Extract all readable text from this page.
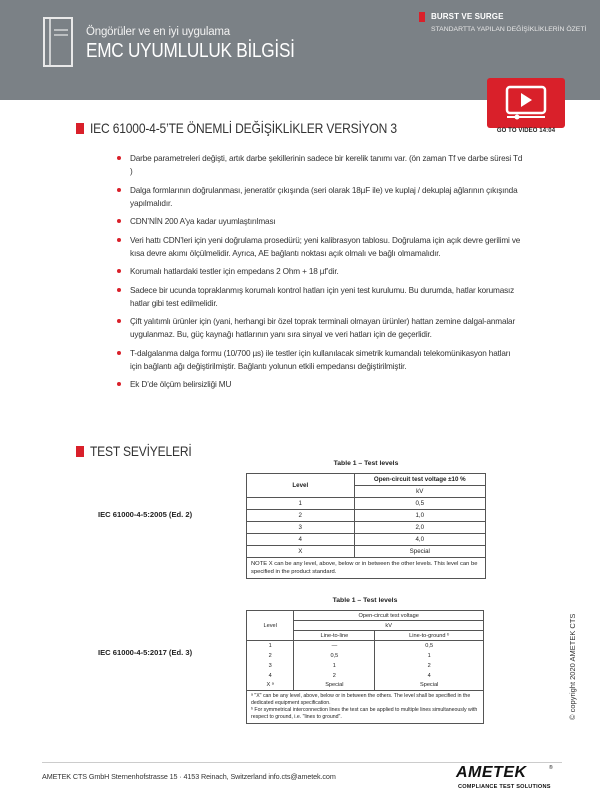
Öngörüler ve en iyi uygulama
EMC UYUMLULUK BİLGİSİ
BURST VE SURGE
STANDARTTA YAPILAN DEĞİŞİKLİKLERİN ÖZETİ
GO TO VIDEO 14:04
IEC 61000-4-5’TE ÖNEMLİ DEĞİŞİKLİKLER VERSİYON 3
Darbe parametreleri değişti, artık darbe şekillerinin sadece bir kerelik tanımı var. (ön zaman Tf ve darbe süresi Td )
Dalga formlarının doğrulanması, jeneratör çıkışında (seri olarak 18µF ile) ve kuplaj / dekuplaj ağlarının çıkışında yapılmalıdır.
CDN’NİN 200 A’ya kadar uyumlaştırılması
Veri hattı CDN’leri için yeni doğrulama prosedürü; yeni kalibrasyon tablosu. Doğrulama için açık devre gerilimi ve kısa devre akımı ölçülmelidir. Ayrıca, AE bağlantı noktası açık olmalı ve bağlı olmamalıdır.
Korumalı hatlardaki testler için empedans 2 Ohm + 18 µf’dir.
Sadece bir ucunda topraklanmış korumalı kontrol hatları için yeni test kurulumu. Bu durumda, hatlar korumasız hatlar gibi test edilmelidir.
Çift yalıtımlı ürünler için (yani, herhangi bir özel toprak terminali olmayan ürünler) hattan zemine dalgal-anmalar uygulanmaz. Bu, güç kaynağı hatlarının yanı sıra sinyal ve veri hatları için de geçerlidir.
T-dalgalanma dalga formu (10/700 µs) ile testler için kullanılacak simetrik kumandalı telekomünikasyon hatları için bağlantı ağı değiştirilmiştir. Bağlantı yolunun etkili empedansı değiştirilmiştir.
Ek D’de ölçüm belirsizliği MU
TEST SEVİYELERİ
IEC 61000-4-5:2005 (Ed. 2)
Table 1 – Test levels
Level	Open-circuit test voltage ±10 %
	kV
1	0,5
2	1,0
3	2,0
4	4,0
X	Special
NOTE X can be any level, above, below or in between the other levels. This level can be specified in the product standard.	
IEC 61000-4-5:2017 (Ed. 3)
Table 1 – Test levels
Level	Open-circuit test voltage	
	kV	
	Line-to-line	Line-to-ground ᵇ
1	—	0,5
2	0,5	1
3	1	2
4	2	4
X ᵃ	Special	Special

ᵃ "X" can be any level, above, below or in between the others. The level shall be specified in the dedicated equipment specification.
ᵇ For symmetrical interconnection lines the test can be applied to multiple lines simultaneously with respect to ground, i.e. "lines to ground".			© copyright 2020 AMETEK CTS
AMETEK CTS GmbH Sternenhofstrasse 15 · 4153 Reinach, Switzerland info.cts@ametek.com	AMETEK	®
COMPLIANCE TEST SOLUTIONS
